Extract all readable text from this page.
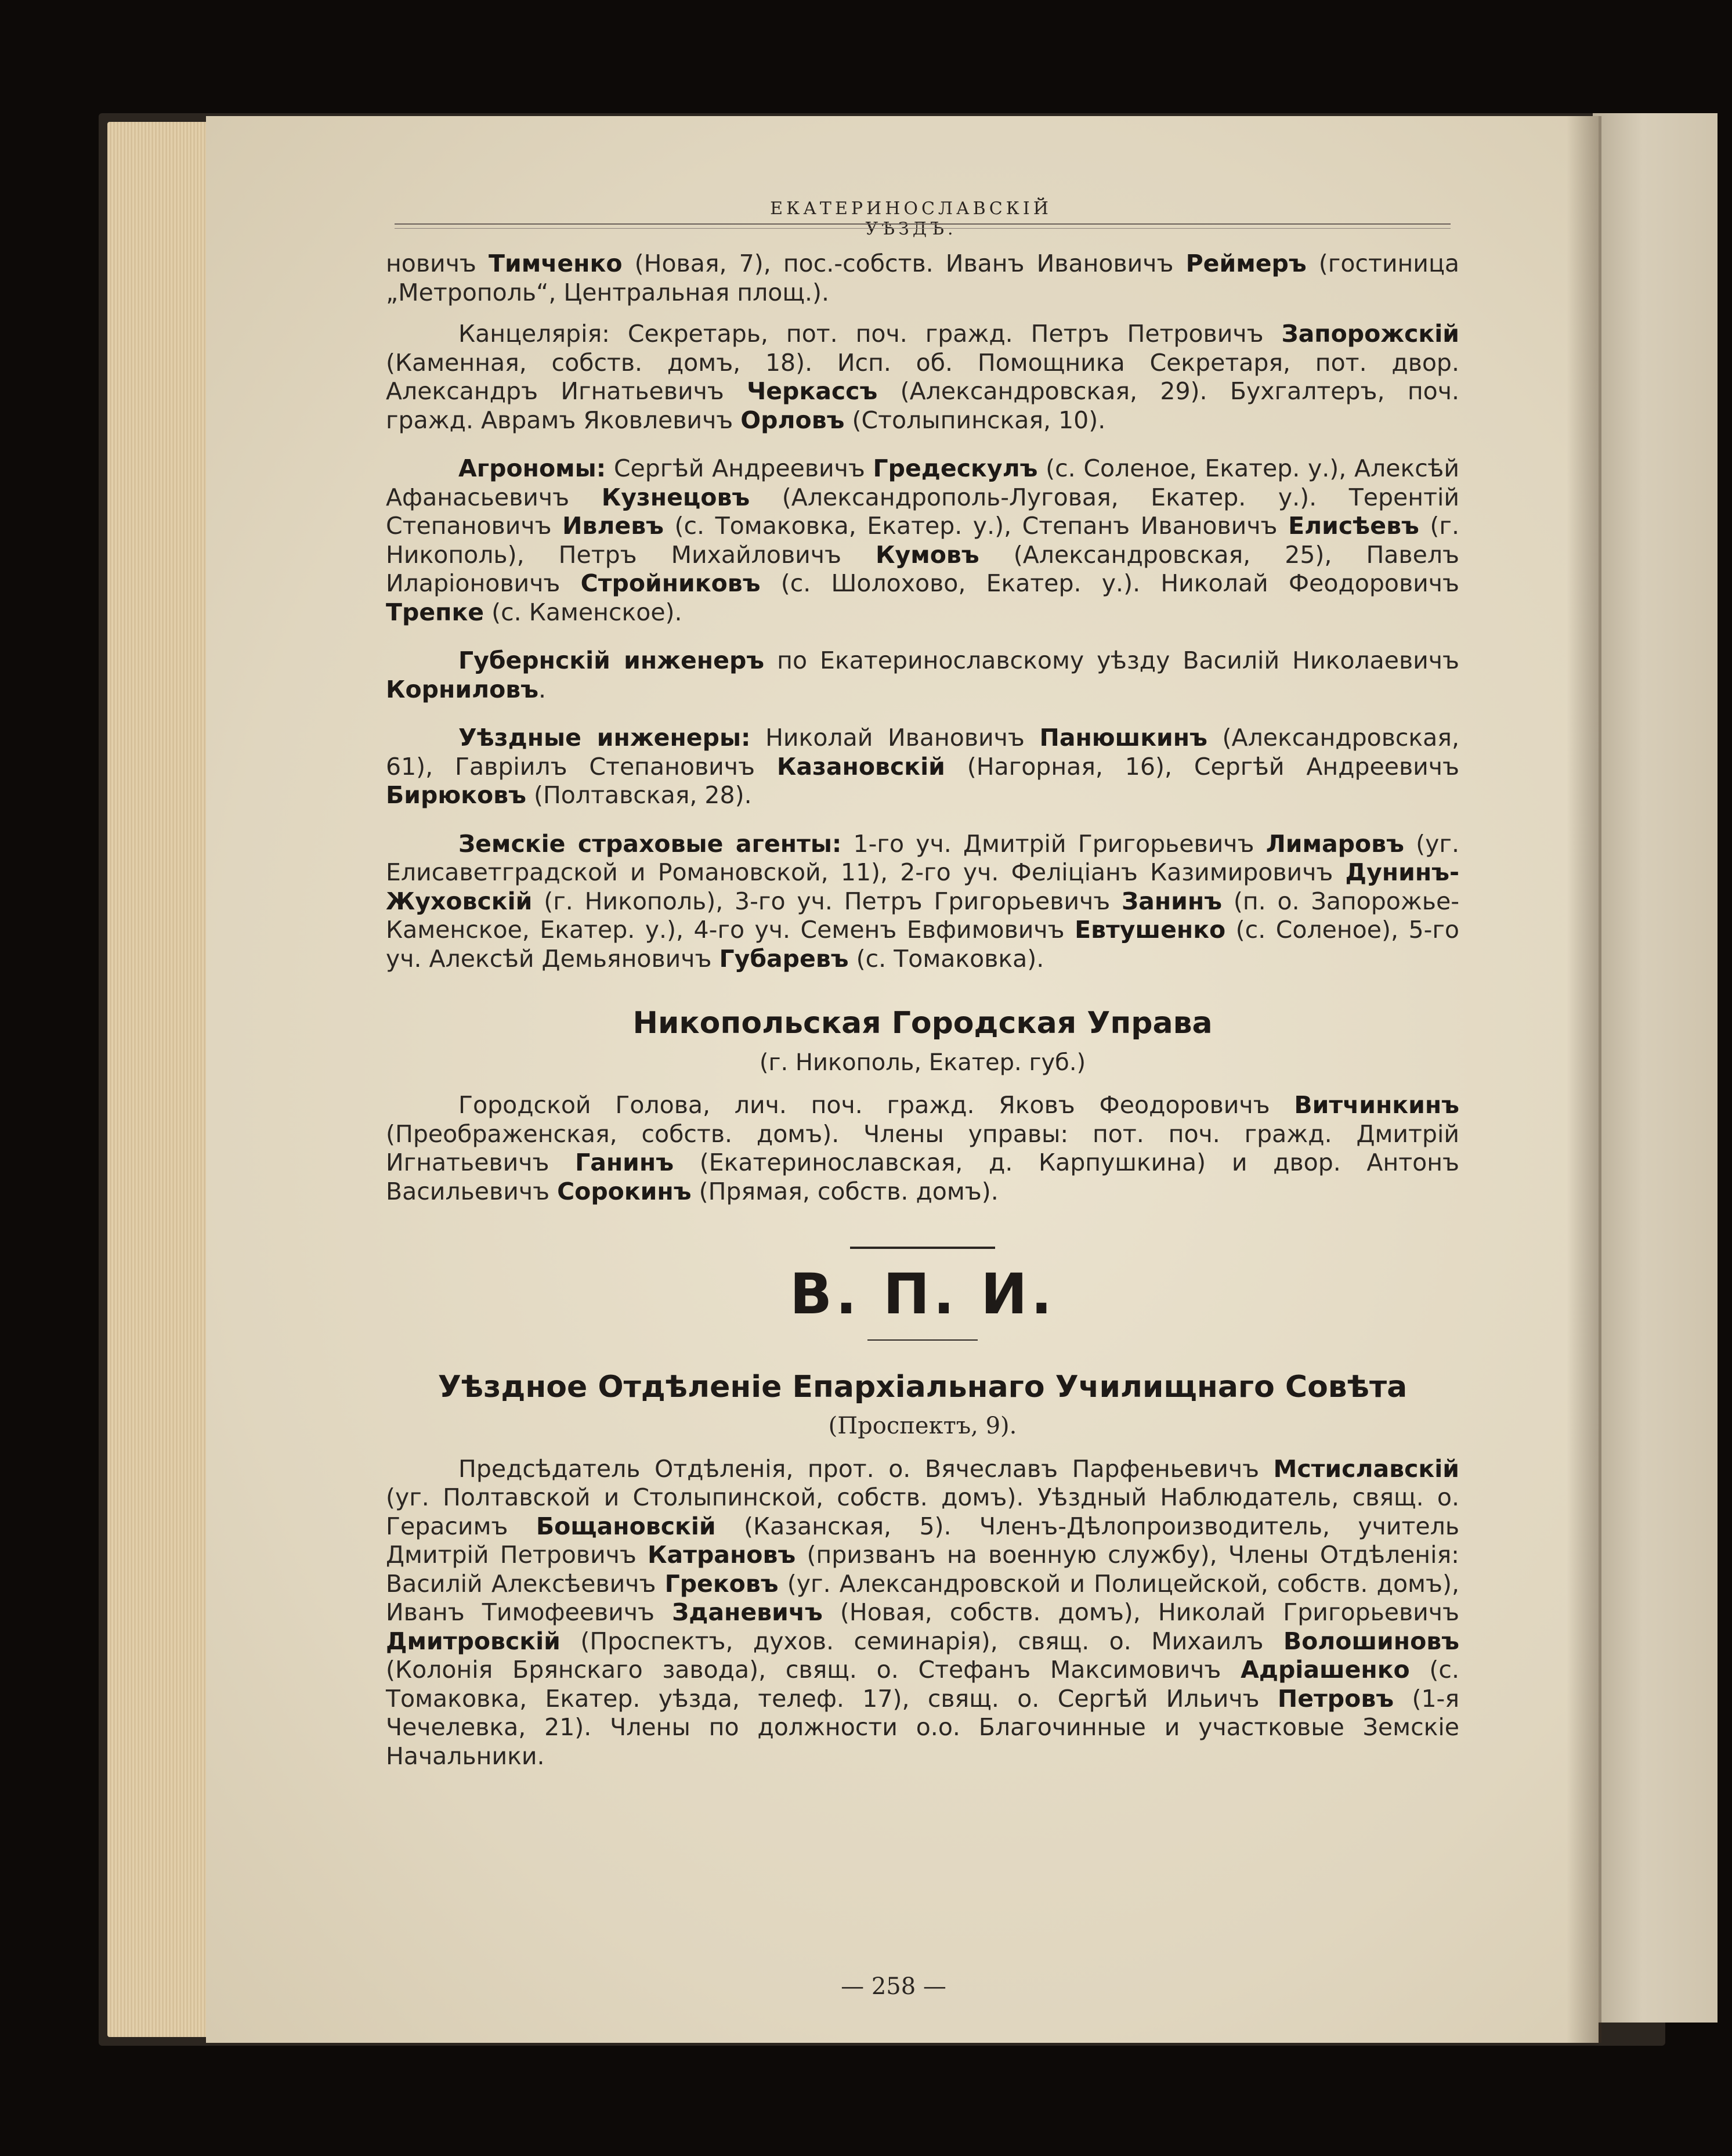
ЕКАТЕРИНОСЛАВСКІЙ УѢЗДЪ.

новичъ Тимченко (Новая, 7), пос.-собств. Иванъ Ивановичъ Реймеръ (гостиница „Метрополь“, Центральная площ.).

Канцелярія: Секретарь, пот. поч. гражд. Петръ Петровичъ Запорожскій (Каменная, собств. домъ, 18). Исп. об. Помощника Секретаря, пот. двор. Александръ Игнатьевичъ Черкассъ (Александровская, 29). Бухгалтеръ, поч. гражд. Аврамъ Яковлевичъ Орловъ (Столыпинская, 10).

Агрономы: Сергѣй Андреевичъ Гредескулъ (с. Соленое, Екатер. у.), Алексѣй Афанасьевичъ Кузнецовъ (Александрополь-Луговая, Екатер. у.). Терентій Степановичъ Ивлевъ (с. Томаковка, Екатер. у.), Степанъ Ивановичъ Елисѣевъ (г. Никополь), Петръ Михайловичъ Кумовъ (Александровская, 25), Павелъ Иларіоновичъ Стройниковъ (с. Шолохово, Екатер. у.). Николай Феодоровичъ Трепке (с. Каменское).

Губернскій инженеръ по Екатеринославскому уѣзду Василій Николаевичъ Корниловъ.

Уѣздные инженеры: Николай Ивановичъ Панюшкинъ (Александровская, 61), Гавріилъ Степановичъ Казановскій (Нагорная, 16), Сергѣй Андреевичъ Бирюковъ (Полтавская, 28).

Земскіе страховые агенты: 1-го уч. Дмитрій Григорьевичъ Лимаровъ (уг. Елисаветградской и Романовской, 11), 2-го уч. Феліціанъ Казимировичъ Дунинъ-Жуховскій (г. Никополь), 3-го уч. Петръ Григорьевичъ Занинъ (п. о. Запорожье-Каменское, Екатер. у.), 4-го уч. Семенъ Евфимовичъ Евтушенко (с. Соленое), 5-го уч. Алексѣй Демьяновичъ Губаревъ (с. Томаковка).

Никопольская Городская Управа
(г. Никополь, Екатер. губ.)

Городской Голова, лич. поч. гражд. Яковъ Феодоровичъ Витчинкинъ (Преображенская, собств. домъ). Члены управы: пот. поч. гражд. Дмитрій Игнатьевичъ Ганинъ (Екатеринославская, д. Карпушкина) и двор. Антонъ Васильевичъ Сорокинъ (Прямая, собств. домъ).

В. П. И.
Уѣздное Отдѣленіе Епархіальнаго Училищнаго Совѣта
(Проспектъ, 9).

Предсѣдатель Отдѣленія, прот. о. Вячеславъ Парфеньевичъ Мстиславскій (уг. Полтавской и Столыпинской, собств. домъ). Уѣздный Наблюдатель, свящ. о. Герасимъ Бощановскій (Казанская, 5). Членъ-Дѣлопроизводитель, учитель Дмитрій Петровичъ Катрановъ (призванъ на военную службу), Члены Отдѣленія: Василій Алексѣевичъ Грековъ (уг. Александровской и Полицейской, собств. домъ), Иванъ Тимофеевичъ Зданевичъ (Новая, собств. домъ), Николай Григорьевичъ Дмитровскій (Проспектъ, духов. семинарія), свящ. о. Михаилъ Волошиновъ (Колонія Брянскаго завода), свящ. о. Стефанъ Максимовичъ Адріашенко (с. Томаковка, Екатер. уѣзда, телеф. 17), свящ. о. Сергѣй Ильичъ Петровъ (1-я Чечелевка, 21). Члены по должности о.о. Благочинные и участковые Земскіе Начальники.

— 258 —
